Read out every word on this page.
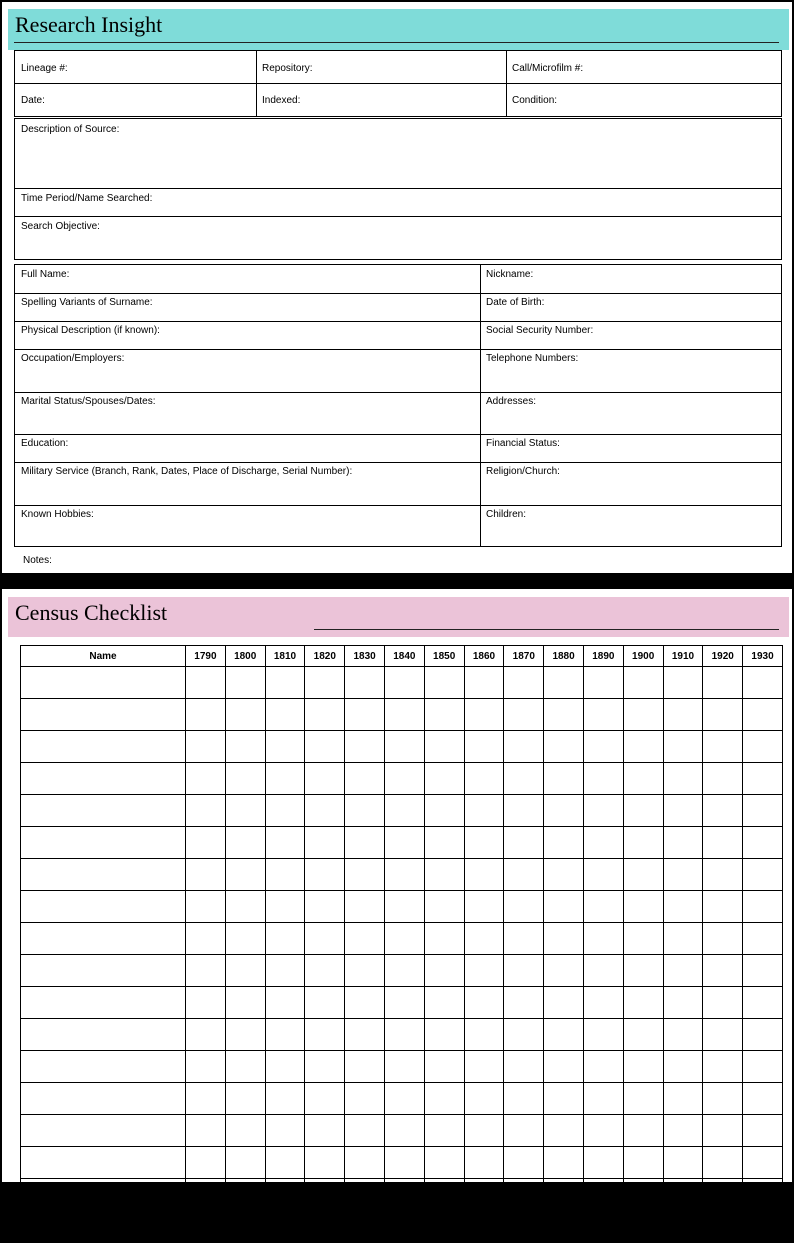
Research Insight
Lineage #:	Repository:	Call/Microfilm #:
Date:	Indexed:	Condition:
Description of Source:
Time Period/Name Searched:
Search Objective:
Full Name:	Nickname:
Spelling Variants of Surname:	Date of Birth:
Physical Description (if known):	Social Security Number:
Occupation/Employers:	Telephone Numbers:
Marital Status/Spouses/Dates:	Addresses:
Education:	Financial Status:
Military Service (Branch, Rank, Dates, Place of Discharge, Serial Number):	Religion/Church:
Known Hobbies:	Children:
Notes:
Census Checklist
Name	1790	1800	1810	1820	1830	1840	1850	1860	1870	1880	1890	1900	1910	1920	1930
